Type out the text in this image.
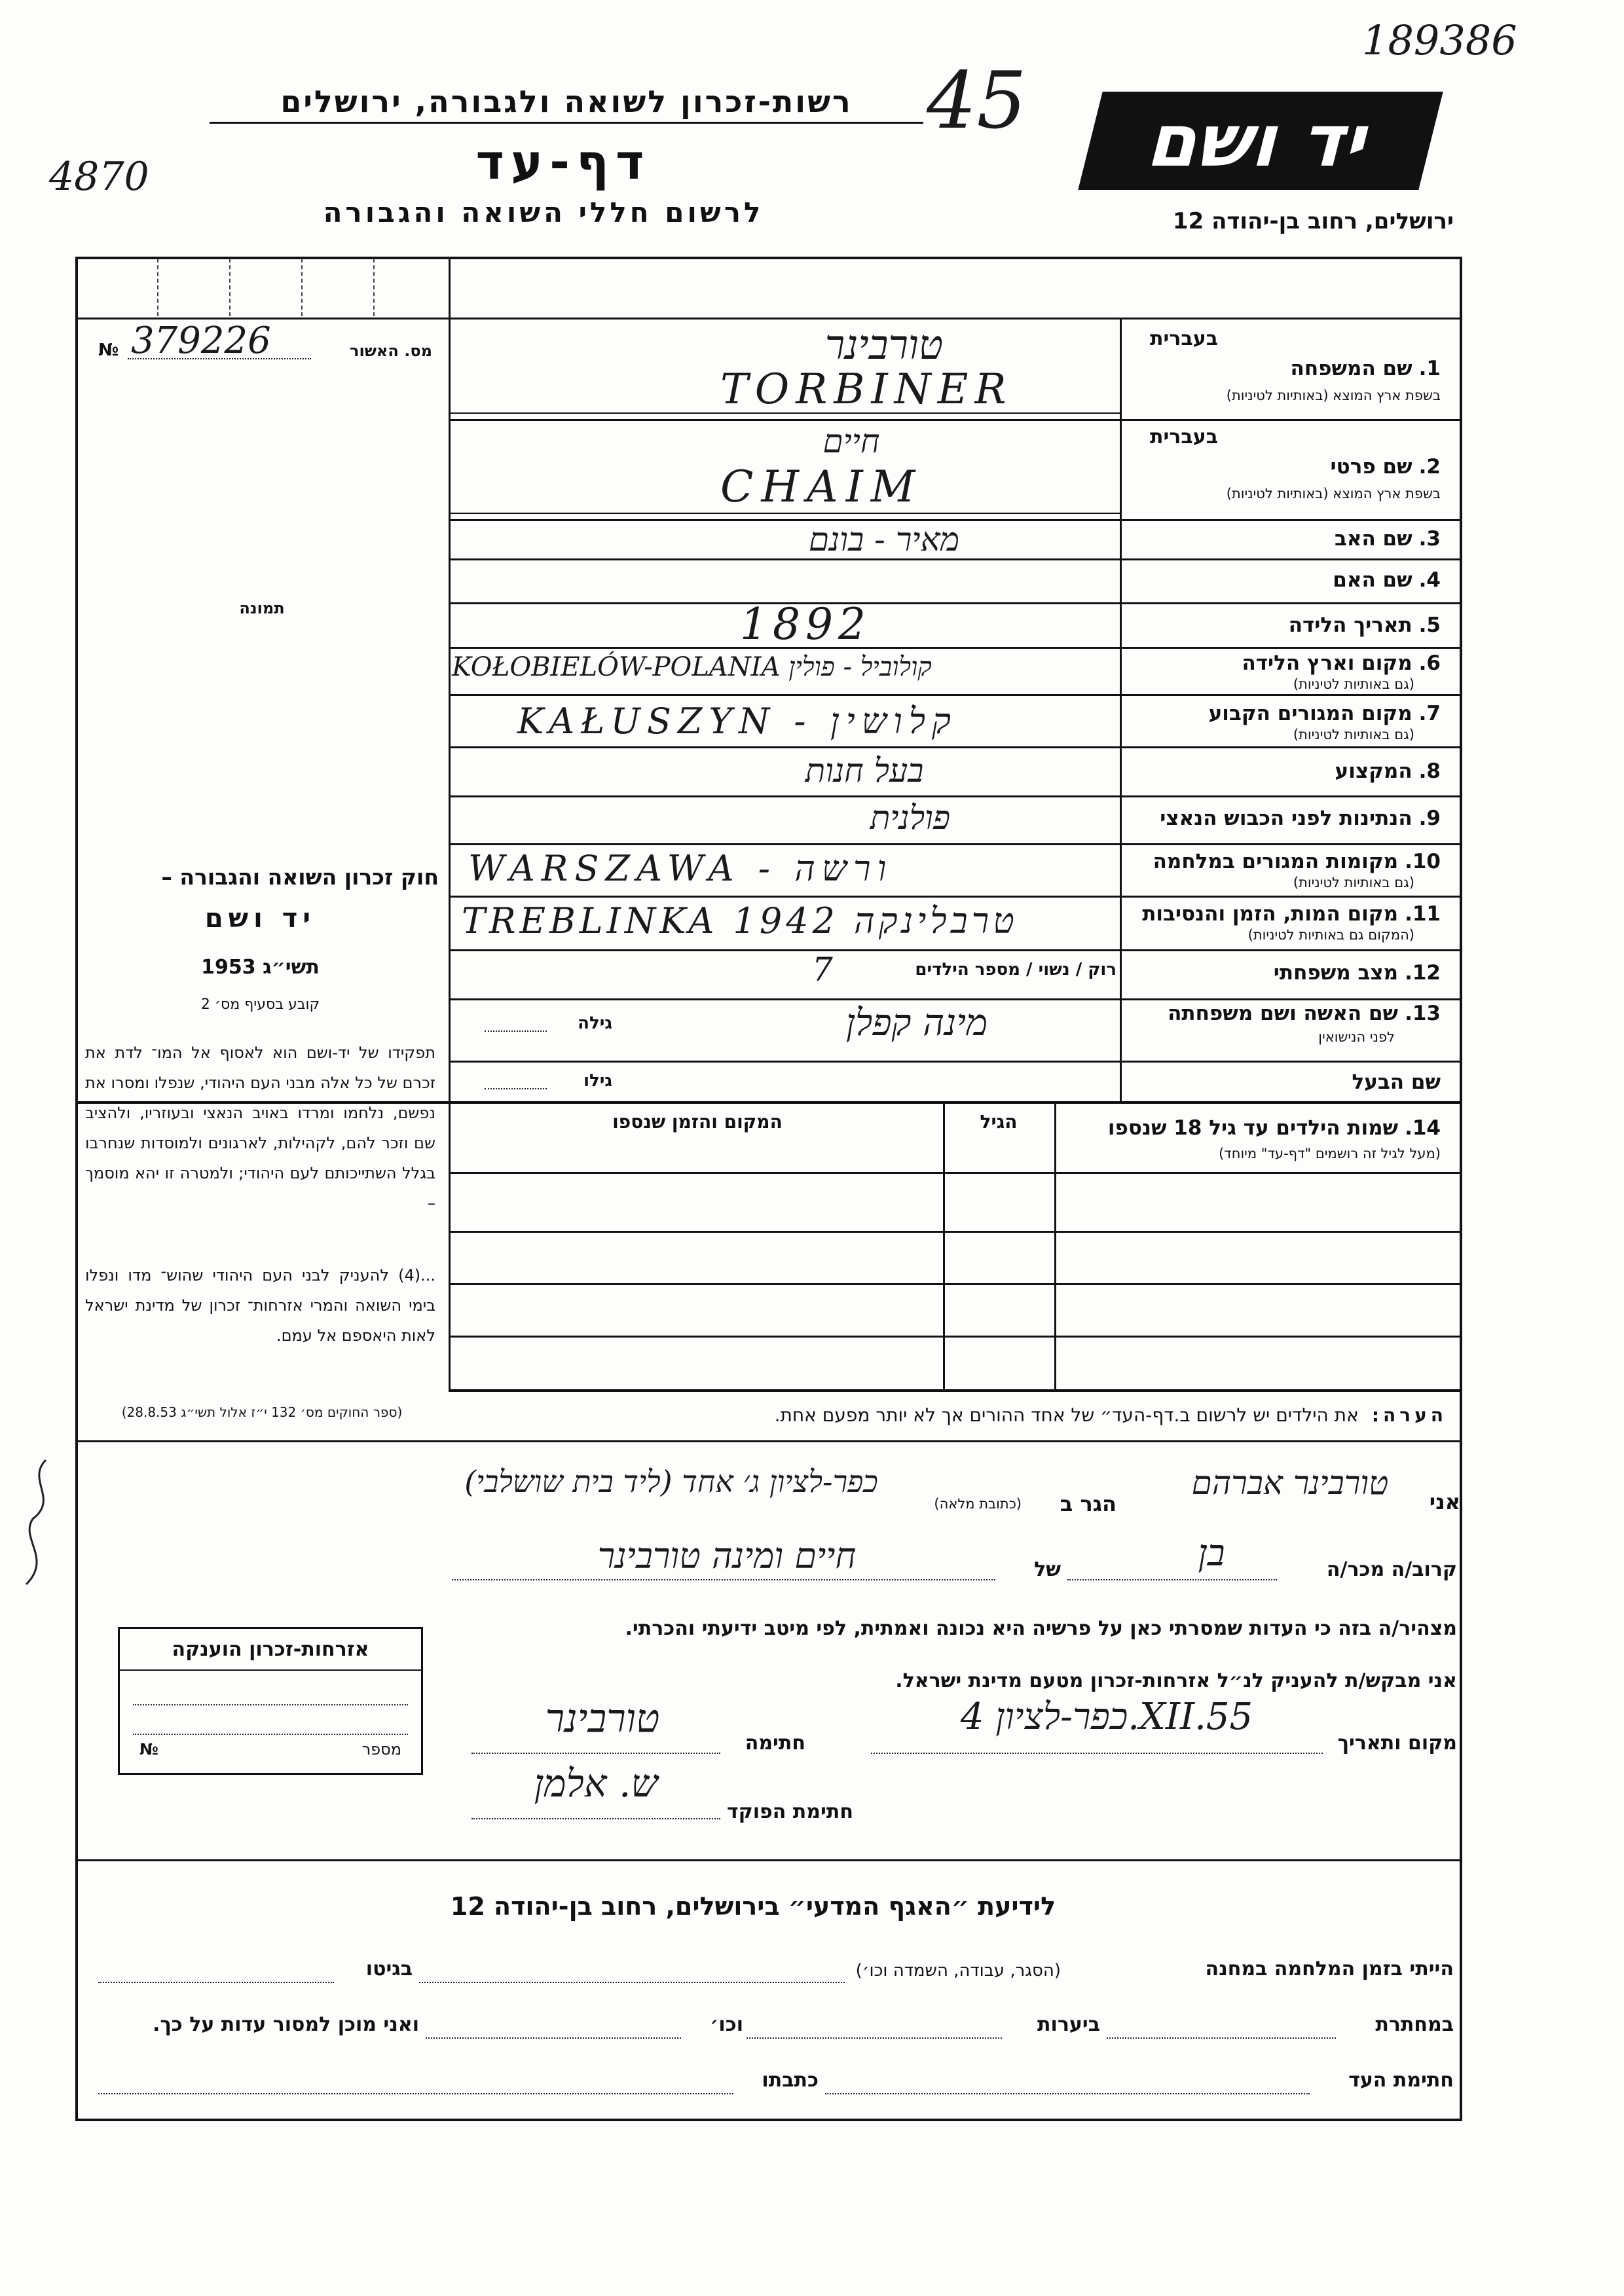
189386
4870
45
רשות-זכרון לשואה ולגבורה, ירושלים
דף-עד
לרשום חללי השואה והגבורה
יד ושם
ירושלים, רחוב בן-יהודה 12
№ 379226	מס. האשור
תמונה
בעברית
1.שם המשפחה
בשפת ארץ המוצא (באותיות לטיניות)
בעברית
2.שם פרטי
בשפת ארץ המוצא (באותיות לטיניות)
3.שם האב
4.שם האם
5.תאריך הלידה
6.מקום וארץ הלידה
(גם באותיות לטיניות)
7.מקום המגורים הקבוע
(גם באותיות לטיניות)
8.המקצוע
9.הנתינות לפני הכבוש הנאצי
10.מקומות המגורים במלחמה
(גם באותיות לטיניות)
11.מקום המות, הזמן והנסיבות
(המקום גם באותיות לטיניות)
12.מצב משפחתי
13.שם האשה ושם משפחתה
לפני הנישואין
שם הבעל
טורבינר
TORBINER
חיים
CHAIM
מאיר - בונם
1892
KOŁOBIELÓW-POLANIA קולוביל - פולין
KAŁUSZYN - קלושין
בעל חנות
פולנית
WARSZAWA - ורשה
TREBLINKA 1942 טרבלינקה
רוק / נשוי / מספר הילדים
7
מינה קפלן
גילה
גילו
חוק זכרון השואה והגבורה –
יד ושם
תשי״ג 1953
קובע בסעיף מס׳ 2
תפקידו של יד-ושם הוא לאסוף אל המו־ לדת את זכרם של כל אלה מבני העם היהודי, שנפלו ומסרו את נפשם, נלחמו ומרדו באויב הנאצי ובעוזריו, ולהציב שם וזכר להם, לקהילות, לארגונים ולמוסדות שנחרבו בגלל השתייכותם לעם היהודי; ולמטרה זו יהא מוסמך –
...(4) להעניק לבני העם היהודי שהוש־ מדו ונפלו בימי השואה והמרי אזרחות־ זכרון של מדינת ישראל לאות היאספם אל עמם.
(ספר החוקים מס׳ 132 י״ז אלול תשי״ג 28.8.53)
14.שמות הילדים עד גיל 18 שנספו
(מעל לגיל זה רושמים "דף-עד" מיוחד)
הגיל
המקום והזמן שנספו
הערה:את הילדים יש לרשום ב.דף-העד״ של אחד ההורים אך לא יותר מפעם אחת.
אני
טורבינר אברהם
הגר ב
(כתובת מלאה)
כפר-לציון ג׳ אחד (ליד בית שושלבי)
קרוב/ה מכר/ה
בן
של
חיים ומינה טורבינר
מצהיר/ה בזה כי העדות שמסרתי כאן על פרשיה היא נכונה ואמתית, לפי מיטב ידיעתי והכרתי.
אני מבקש/ת להעניק לנ״ל אזרחות-זכרון מטעם מדינת ישראל.
מקום ותאריך
כפר-לציון 4.XII.55
חתימה
טורבינר
חתימת הפוקד
ש. אלמן
אזרחות-זכרון הוענקה
№	מספר
לידיעת ״האגף המדעי״ בירושלים, רחוב בן-יהודה 12
הייתי בזמן המלחמה במחנה
(הסגר, עבודה, השמדה וכו׳)
בגיטו
במחתרת
ביערות
וכו׳
ואני מוכן למסור עדות על כך.
חתימת העד
כתבתו
